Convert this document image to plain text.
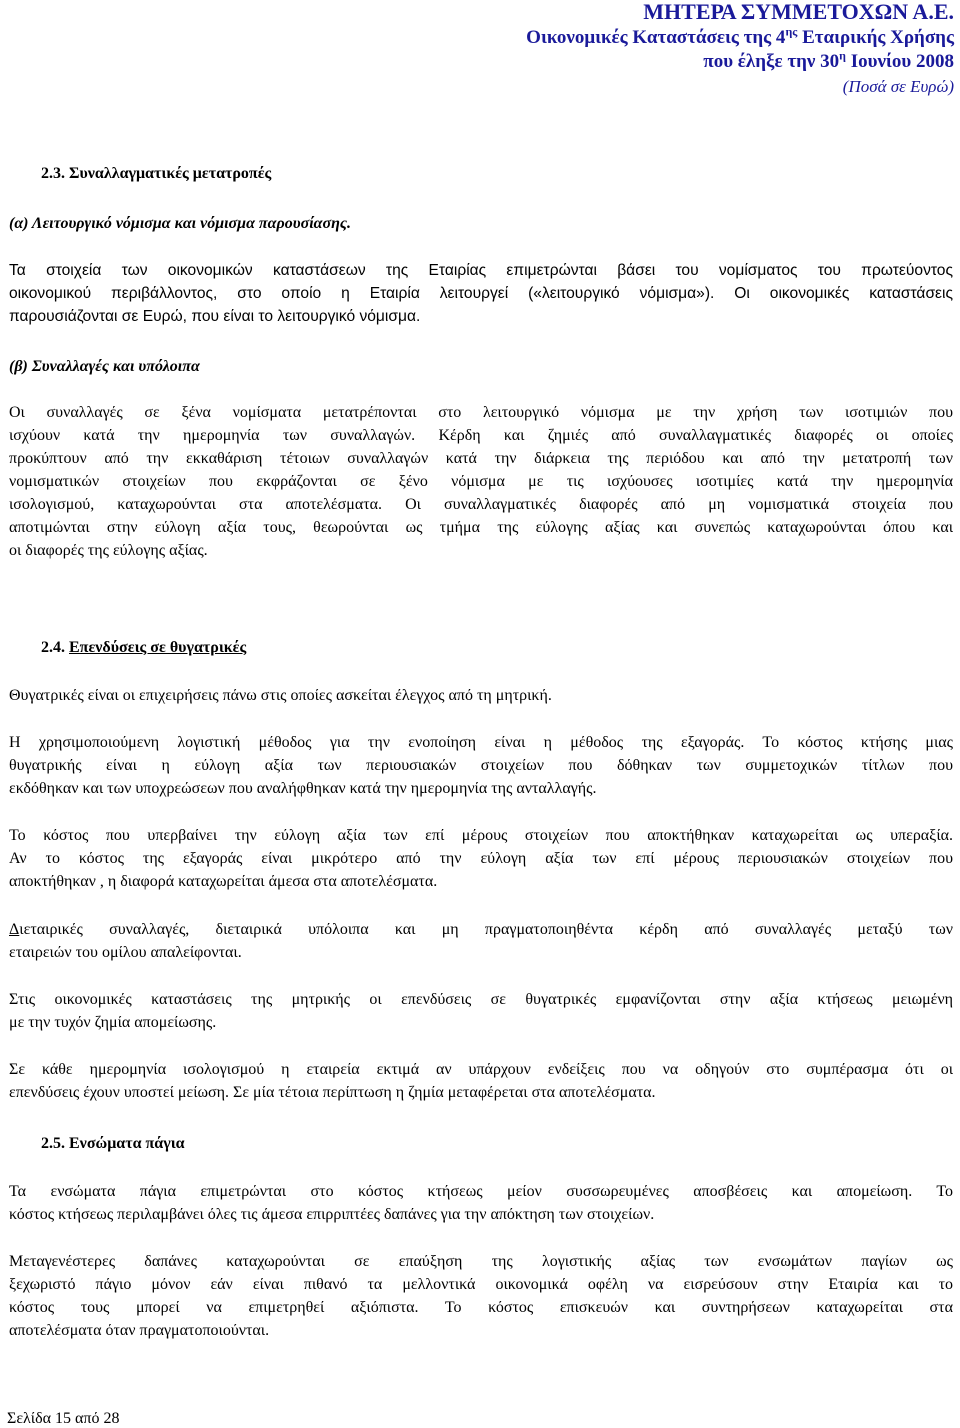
ΜΗΤΕΡΑ ΣΥΜΜΕΤΟΧΩΝ Α.Ε.
Οικονομικές Καταστάσεις της $4^{\eta\varsigma}$ Εταιρικής Χρήσης
που έληξε την $30^\eta$ Ιουνίου 2008
(Ποσά σε Ευρώ)
2.3. Συναλλαγματικές μετατροπές
(α) Λειτουργικό νόμισμα και νόμισμα παρουσίασης.
Τα στοιχεία των οικονομικών καταστάσεων της Εταιρίας επιμετρώνται βάσει του νομίσματος του πρωτεύοντος
οικονομικού περιβάλλοντος, στο οποίο η Εταιρία λειτουργεί («λειτουργικό νόμισμα»). Οι οικονομικές καταστάσεις
παρουσιάζονται σε Ευρώ, που είναι το λειτουργικό νόμισμα.
(β) Συναλλαγές και υπόλοιπα
Οι συναλλαγές σε ξένα νομίσματα μετατρέπονται στο λειτουργικό νόμισμα με την χρήση των ισοτιμιών που
ισχύουν κατά την ημερομηνία των συναλλαγών. Κέρδη και ζημιές από συναλλαγματικές διαφορές οι οποίες
προκύπτουν από την εκκαθάριση τέτοιων συναλλαγών κατά την διάρκεια της περιόδου και από την μετατροπή των
νομισματικών στοιχείων που εκφράζονται σε ξένο νόμισμα με τις ισχύουσες ισοτιμίες κατά την ημερομηνία
ισολογισμού, καταχωρούνται στα αποτελέσματα. Οι συναλλαγματικές διαφορές από μη νομισματικά στοιχεία που
αποτιμώνται στην εύλογη αξία τους, θεωρούνται ως τμήμα της εύλογης αξίας και συνεπώς καταχωρούνται όπου και
οι διαφορές της εύλογης αξίας.
2.4. Επενδύσεις σε θυγατρικές
Θυγατρικές είναι οι επιχειρήσεις πάνω στις οποίες ασκείται έλεγχος από τη μητρική.
Η χρησιμοποιούμενη λογιστική μέθοδος για την ενοποίηση είναι η μέθοδος της εξαγοράς. Το κόστος κτήσης μιας
θυγατρικής είναι η εύλογη αξία των περιουσιακών στοιχείων που δόθηκαν των συμμετοχικών τίτλων που
εκδόθηκαν και των υποχρεώσεων που αναλήφθηκαν κατά την ημερομηνία της ανταλλαγής.
Το κόστος που υπερβαίνει την εύλογη αξία των επί μέρους στοιχείων που αποκτήθηκαν καταχωρείται ως υπεραξία.
Αν το κόστος της εξαγοράς είναι μικρότερο από την εύλογη αξία των επί μέρους περιουσιακών στοιχείων που
αποκτήθηκαν , η διαφορά καταχωρείται άμεσα στα αποτελέσματα.
Διεταιρικές συναλλαγές, διεταιρικά υπόλοιπα και μη πραγματοποιηθέντα κέρδη από συναλλαγές μεταξύ των
εταιρειών του ομίλου απαλείφονται.
Στις οικονομικές καταστάσεις της μητρικής οι επενδύσεις σε θυγατρικές εμφανίζονται στην αξία κτήσεως μειωμένη
με την τυχόν ζημία απομείωσης.
Σε κάθε ημερομηνία ισολογισμού η εταιρεία εκτιμά αν υπάρχουν ενδείξεις που να οδηγούν στο συμπέρασμα ότι οι
επενδύσεις έχουν υποστεί μείωση. Σε μία τέτοια περίπτωση η ζημία μεταφέρεται στα αποτελέσματα.
2.5. Ενσώματα πάγια
Τα ενσώματα πάγια επιμετρώνται στο κόστος κτήσεως μείον συσσωρευμένες αποσβέσεις και απομείωση. Το
κόστος κτήσεως περιλαμβάνει όλες τις άμεσα επιρριπτέες δαπάνες για την απόκτηση των στοιχείων.
Μεταγενέστερες δαπάνες καταχωρούνται σε επαύξηση της λογιστικής αξίας των ενσωμάτων παγίων ως
ξεχωριστό πάγιο μόνον εάν είναι πιθανό τα μελλοντικά οικονομικά οφέλη να εισρεύσουν στην Εταιρία και το
κόστος τους μπορεί να επιμετρηθεί αξιόπιστα. Το κόστος επισκευών και συντηρήσεων καταχωρείται στα
αποτελέσματα όταν πραγματοποιούνται.
Σελίδα 15 από 28
